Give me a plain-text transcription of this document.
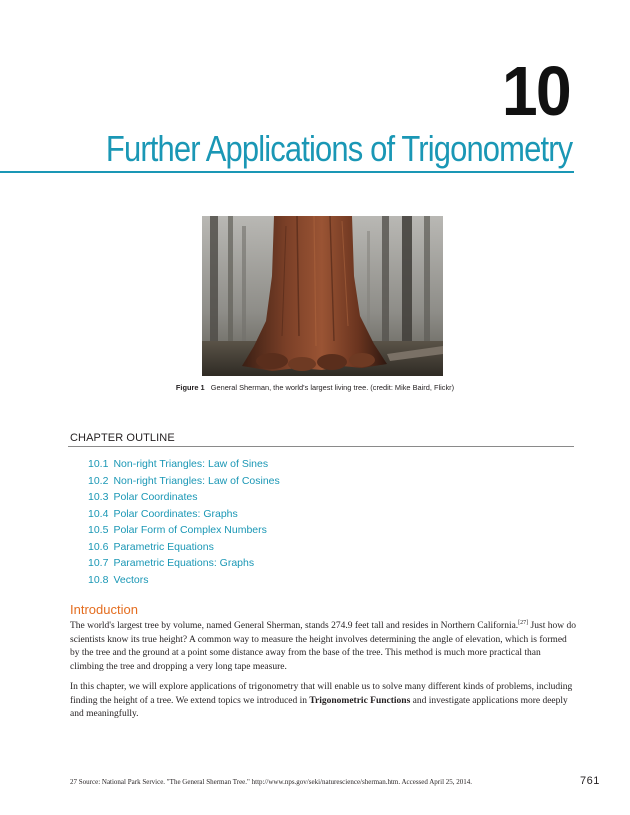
10
Further Applications of Trigonometry
Figure 1 General Sherman, the world's largest living tree. (credit: Mike Baird, Flickr)
CHAPTER OUTLINE
10.1 Non-right Triangles: Law of Sines
10.2 Non-right Triangles: Law of Cosines
10.3 Polar Coordinates
10.4 Polar Coordinates: Graphs
10.5 Polar Form of Complex Numbers
10.6 Parametric Equations
10.7 Parametric Equations: Graphs
10.8 Vectors
Introduction

The world's largest tree by volume, named General Sherman, stands 274.9 feet tall and resides in Northern California.[27] Just how do scientists know its true height? A common way to measure the height involves determining the angle of elevation, which is formed by the tree and the ground at a point some distance away from the base of the tree. This method is much more practical than climbing the tree and dropping a very long tape measure.

In this chapter, we will explore applications of trigonometry that will enable us to solve many different kinds of problems, including finding the height of a tree. We extend topics we introduced in Trigonometric Functions and investigate applications more deeply and meaningfully.

27 Source: National Park Service. "The General Sherman Tree." http://www.nps.gov/seki/naturescience/sherman.htm. Accessed April 25, 2014.	761
